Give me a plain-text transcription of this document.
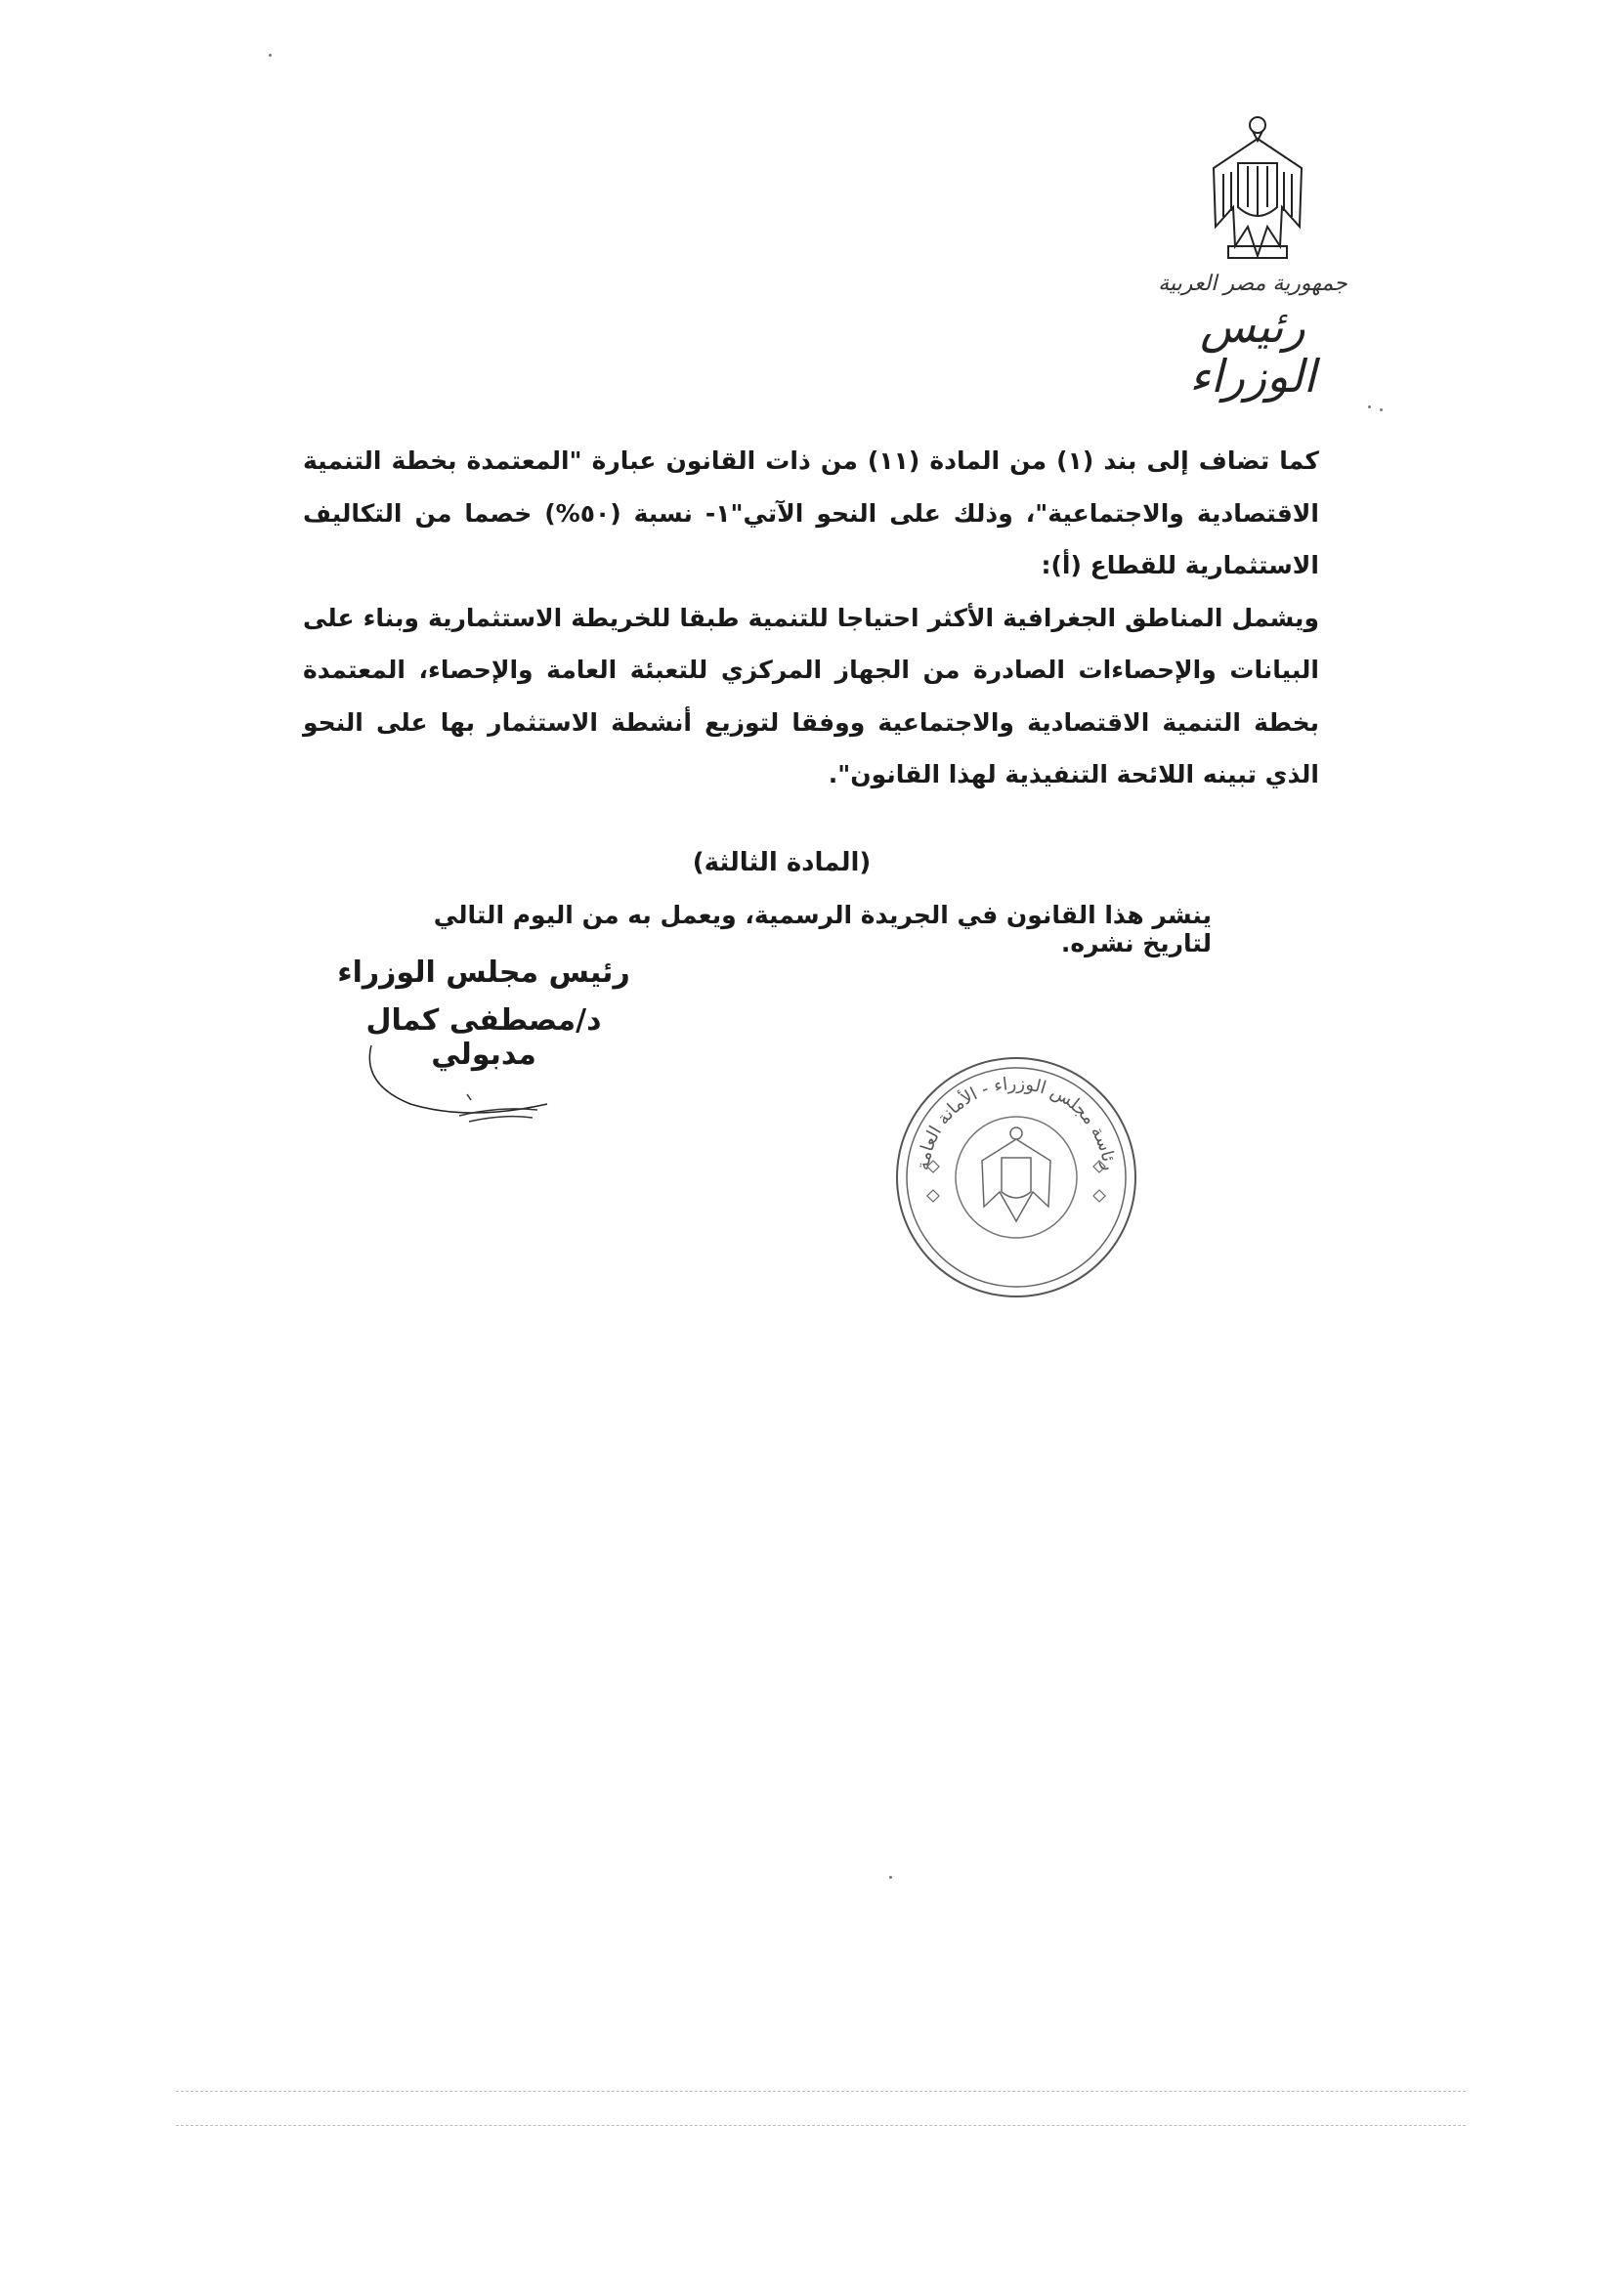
جمهورية مصر العربية
رئيس الوزراء

كما تضاف إلى بند (١) من المادة (١١) من ذات القانون عبارة "المعتمدة بخطة التنمية الاقتصادية والاجتماعية"، وذلك على النحو الآتي"١- نسبة (٥٠%) خصما من التكاليف الاستثمارية للقطاع (أ):

ويشمل المناطق الجغرافية الأكثر احتياجا للتنمية طبقا للخريطة الاستثمارية وبناء على البيانات والإحصاءات الصادرة من الجهاز المركزي للتعبئة العامة والإحصاء، المعتمدة بخطة التنمية الاقتصادية والاجتماعية ووفقا لتوزيع أنشطة الاستثمار بها على النحو الذي تبينه اللائحة التنفيذية لهذا القانون".

(المادة الثالثة)
ينشر هذا القانون في الجريدة الرسمية، ويعمل به من اليوم التالي لتاريخ نشره.
رئيس مجلس الوزراء
د/مصطفى كمال مدبولي
رئاسة مجلس الوزراء - الأمانة العامة
